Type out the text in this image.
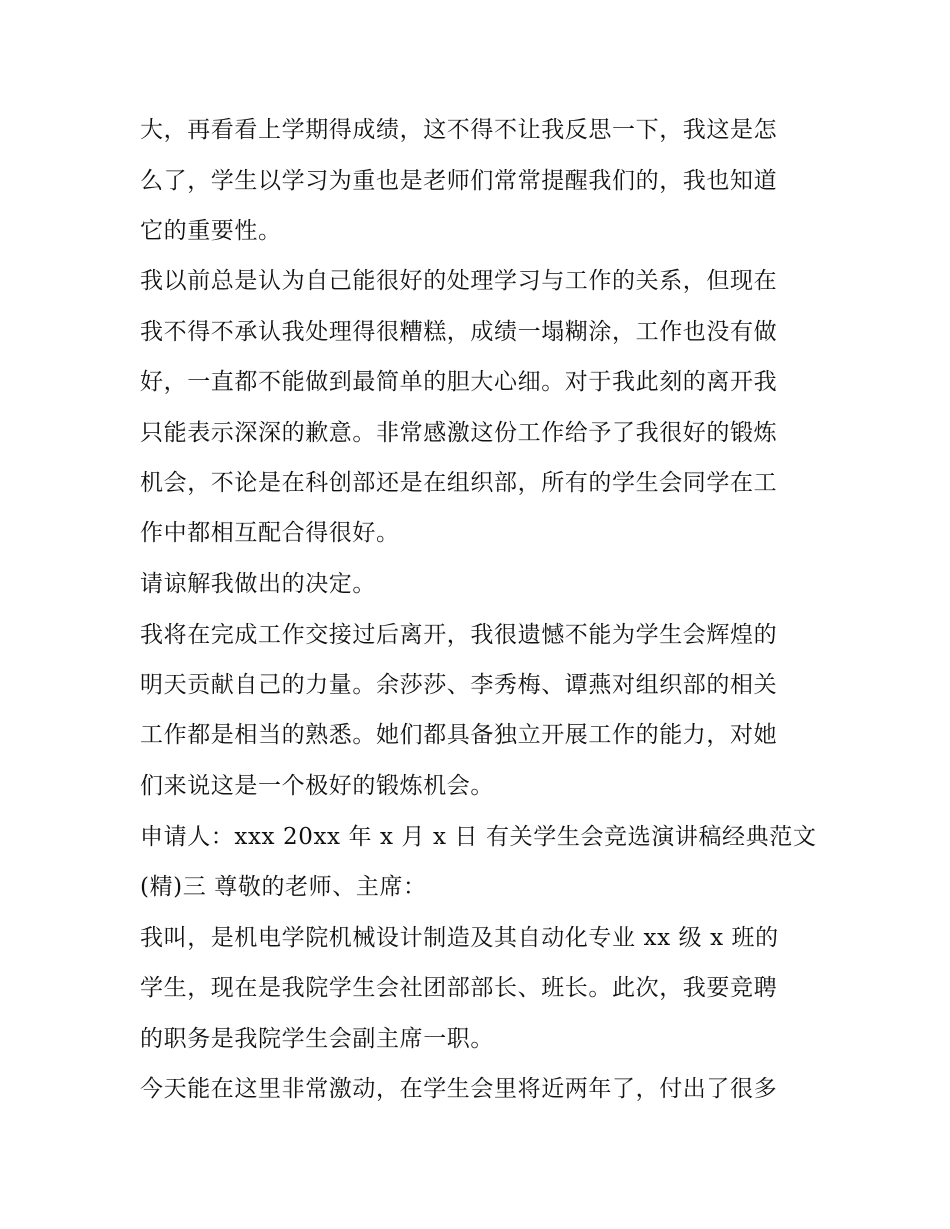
大，再看看上学期得成绩，这不得不让我反思一下，我这是怎
么了，学生以学习为重也是老师们常常提醒我们的，我也知道
它的重要性。
我以前总是认为自己能很好的处理学习与工作的关系，但现在
我不得不承认我处理得很糟糕，成绩一塌糊涂，工作也没有做
好，一直都不能做到最简单的胆大心细。对于我此刻的离开我
只能表示深深的歉意。非常感激这份工作给予了我很好的锻炼
机会，不论是在科创部还是在组织部，所有的学生会同学在工
作中都相互配合得很好。
请谅解我做出的决定。
我将在完成工作交接过后离开，我很遗憾不能为学生会辉煌的
明天贡献自己的力量。余莎莎、李秀梅、谭燕对组织部的相关
工作都是相当的熟悉。她们都具备独立开展工作的能力，对她
们来说这是一个极好的锻炼机会。
申请人：xxx 20xx 年 x 月 x 日 有关学生会竞选演讲稿经典范文
(精)三 尊敬的老师、主席：
我叫，是机电学院机械设计制造及其自动化专业 xx 级 x 班的
学生，现在是我院学生会社团部部长、班长。此次，我要竞聘
的职务是我院学生会副主席一职。
今天能在这里非常激动，在学生会里将近两年了，付出了很多
